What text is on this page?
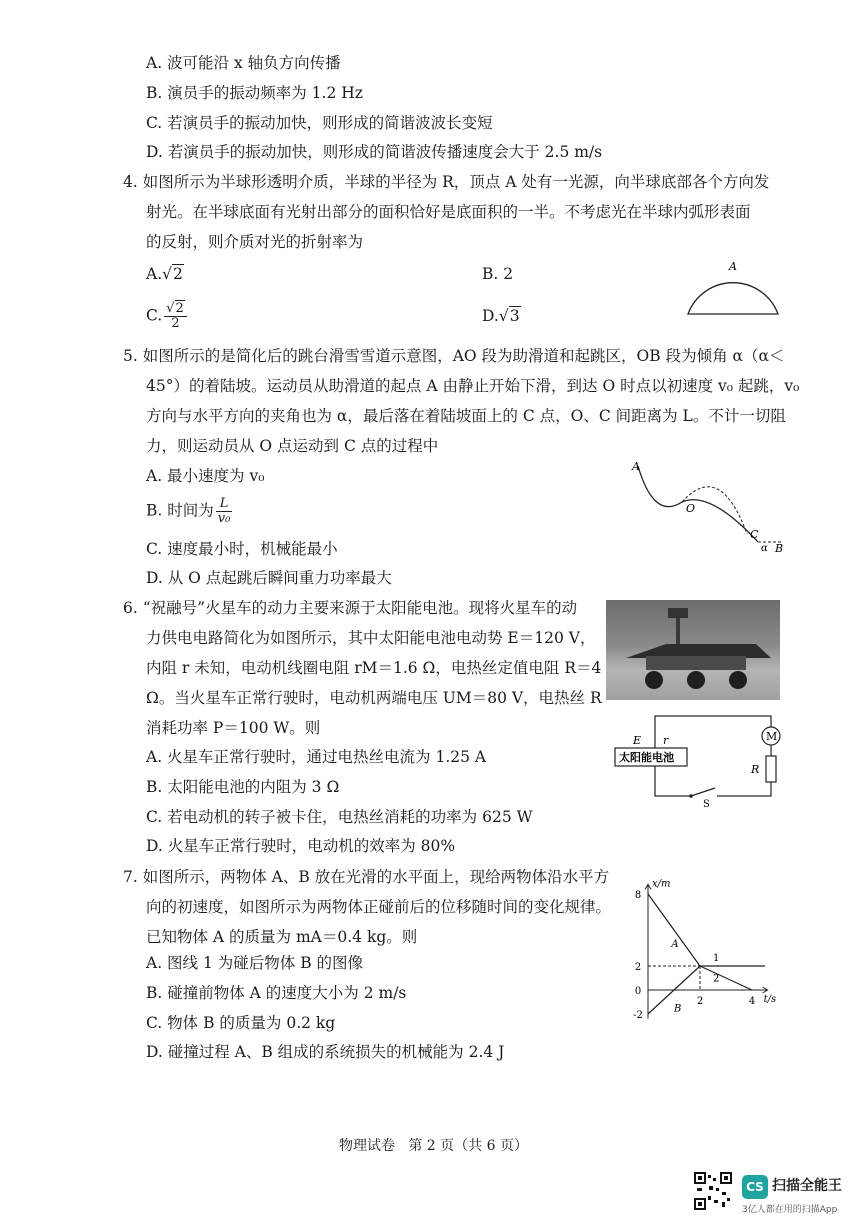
A. 波可能沿 x 轴负方向传播
B. 演员手的振动频率为 1.2 Hz
C. 若演员手的振动加快，则形成的简谐波波长变短
D. 若演员手的振动加快，则形成的简谐波传播速度会大于 2.5 m/s
4. 如图所示为半球形透明介质，半球的半径为 R，顶点 A 处有一光源，向半球底部各个方向发
射光。在半球底面有光射出部分的面积恰好是底面积的一半。不考虑光在半球内弧形表面
的反射，则介质对光的折射率为
A.√2	B. 2
C. $\frac{√2}{2}$	D.√3
A
5. 如图所示的是简化后的跳台滑雪雪道示意图，AO 段为助滑道和起跳区，OB 段为倾角 α（α＜
45°）的着陆坡。运动员从助滑道的起点 A 由静止开始下滑，到达 O 时点以初速度 v₀ 起跳，v₀
方向与水平方向的夹角也为 α，最后落在着陆坡面上的 C 点，O、C 间距离为 L。不计一切阻
力，则运动员从 O 点运动到 C 点的过程中
A. 最小速度为 v₀
B. 时间为 $\frac{L}{\text{v₀}}$
C. 速度最小时，机械能最小
D. 从 O 点起跳后瞬间重力功率最大
A
O
C
α B
6. “祝融号”火星车的动力主要来源于太阳能电池。现将火星车的动
力供电电路简化为如图所示，其中太阳能电池电动势 E＝120 V，
内阻 r 未知，电动机线圈电阻 rM＝1.6 Ω，电热丝定值电阻 R＝4
Ω。当火星车正常行驶时，电动机两端电压 UM＝80 V，电热丝 R
消耗功率 P＝100 W。则
A. 火星车正常行驶时，通过电热丝电流为 1.25 A
B. 太阳能电池的内阻为 3 Ω
C. 若电动机的转子被卡住，电热丝消耗的功率为 625 W
D. 火星车正常行驶时，电动机的效率为 80%
太阳能电池
E r	M
R
S
7. 如图所示，两物体 A、B 放在光滑的水平面上，现给两物体沿水平方
向的初速度，如图所示为两物体正碰前后的位移随时间的变化规律。
已知物体 A 的质量为 mA＝0.4 kg。则
A. 图线 1 为碰后物体 B 的图像
B. 碰撞前物体 A 的速度大小为 2 m/s
C. 物体 B 的质量为 0.2 kg
D. 碰撞过程 A、B 组成的系统损失的机械能为 2.4 J
x/m
t/s
8
2
0
-2
2	4
A
B
1
2
物理试卷 第 2 页（共 6 页）
CS 扫描全能王
3亿人都在用的扫描App
